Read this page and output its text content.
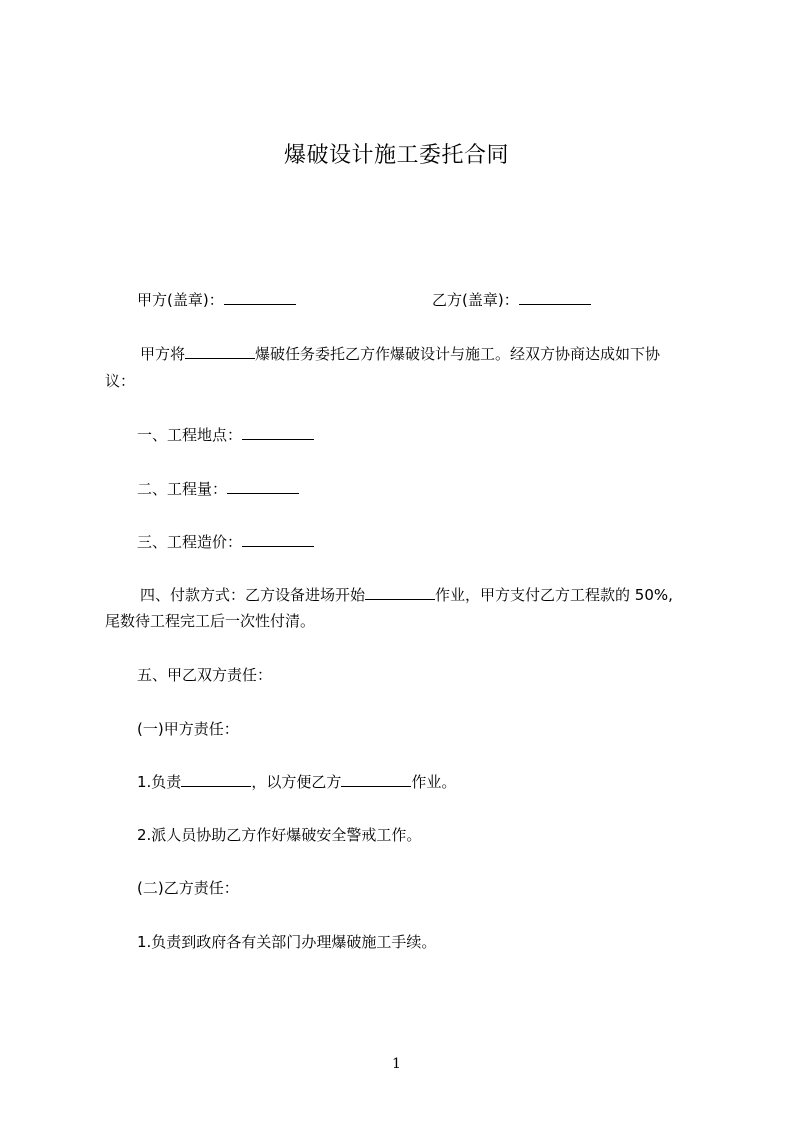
爆破设计施工委托合同
甲方(盖章)：	乙方(盖章)：
甲方将	爆破任务委托乙方作爆破设计与施工。经双方协商达成如下协
议：
一、工程地点：
二、工程量：
三、工程造价：
四、付款方式：乙方设备进场开始	作业，甲方支付乙方工程款的 50%,
尾数待工程完工后一次性付清。
五、甲乙双方责任：
(一)甲方责任：
1.负责	，以方便乙方	作业。
2.派人员协助乙方作好爆破安全警戒工作。
(二)乙方责任：
1.负责到政府各有关部门办理爆破施工手续。
1
